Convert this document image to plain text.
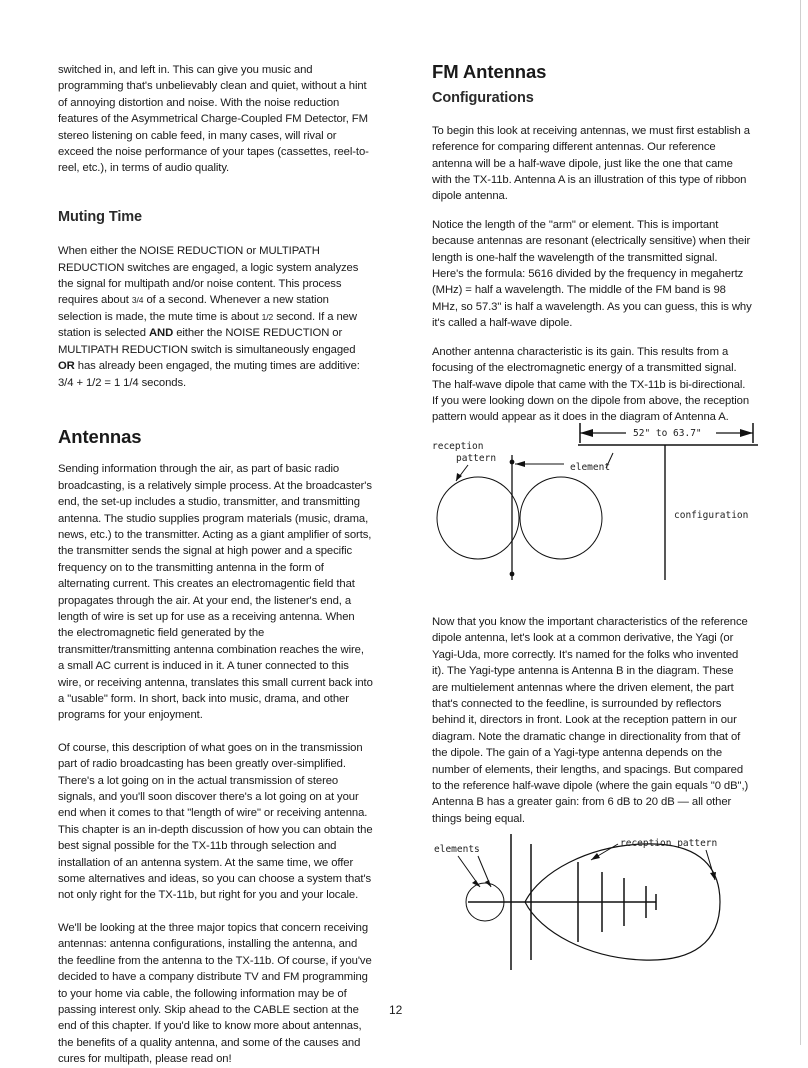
switched in, and left in. This can give you music and programming that's unbelievably clean and quiet, without a hint of annoying distortion and noise. With the noise reduction features of the Asymmetrical Charge-Coupled FM Detector, FM stereo listening on cable feed, in many cases, will rival or exceed the noise performance of your tapes (cassettes, reel-to-reel, etc.), in terms of audio quality.

Muting Time

When either the NOISE REDUCTION or MULTIPATH REDUCTION switches are engaged, a logic system analyzes the signal for multipath and/or noise content. This process requires about 3/4 of a second. Whenever a new station selection is made, the mute time is about 1/2 second. If a new station is selected AND either the NOISE REDUCTION or MULTIPATH REDUCTION switch is simultaneously engaged OR has already been engaged, the muting times are additive: 3/4 + 1/2 = 1 1/4 seconds.

Antennas

Sending information through the air, as part of basic radio broadcasting, is a relatively simple process. At the broadcaster's end, the set-up includes a studio, transmitter, and transmitting antenna. The studio supplies program materials (music, drama, news, etc.) to the transmitter. Acting as a giant amplifier of sorts, the transmitter sends the signal at high power and a specific frequency on to the transmitting antenna in the form of alternating current. This creates an electromagentic field that propagates through the air. At your end, the listener's end, a length of wire is set up for use as a receiving antenna. When the electromagnetic field generated by the transmitter/transmitting antenna combination reaches the wire, a small AC current is induced in it. A tuner connected to this wire, or receiving antenna, translates this small current back into a "usable" form. In short, back into music, drama, and other programs for your enjoyment.

Of course, this description of what goes on in the transmission part of radio broadcasting has been greatly over-simplified. There's a lot going on in the actual transmission of stereo signals, and you'll soon discover there's a lot going on at your end when it comes to that "length of wire" or receiving antenna. This chapter is an in-depth discussion of how you can obtain the best signal possible for the TX-11b through selection and installation of an antenna system. At the same time, we offer some alternatives and ideas, so you can choose a system that's not only right for the TX-11b, but right for you and your locale.

We'll be looking at the three major topics that concern receiving antennas: antenna configurations, installing the antenna, and the feedline from the antenna to the TX-11b. Of course, if you've decided to have a company distribute TV and FM programming to your home via cable, the following information may be of passing interest only. Skip ahead to the CABLE section at the end of this chapter. If you'd like to know more about antennas, the benefits of a quality antenna, and some of the causes and cures for multipath, please read on!

FM Antennas
Configurations

To begin this look at receiving antennas, we must first establish a reference for comparing different antennas. Our reference antenna will be a half-wave dipole, just like the one that came with the TX-11b. Antenna A is an illustration of this type of ribbon dipole antenna.

Notice the length of the "arm" or element. This is important because antennas are resonant (electrically sensitive) when their length is one-half the wavelength of the transmitted signal. Here's the formula: 5616 divided by the frequency in megahertz (MHz) = half a wavelength. The middle of the FM band is 98 MHz, so 57.3" is half a wavelength. As you can guess, this is why it's called a half-wave dipole.

Another antenna characteristic is its gain. This results from a focusing of the electromagnetic energy of a transmitted signal. The half-wave dipole that came with the TX-11b is bi-directional. If you were looking down on the dipole from above, the reception pattern would appear as it does in the diagram of Antenna A.

52" to 63.7"
element
reception
pattern
configuration

Now that you know the important characteristics of the reference dipole antenna, let's look at a common derivative, the Yagi (or Yagi-Uda, more correctly. It's named for the folks who invented it). The Yagi-type antenna is Antenna B in the diagram. These are multielement antennas where the driven element, the part that's connected to the feedline, is surrounded by reflectors behind it, directors in front. Look at the reception pattern in our diagram. Note the dramatic change in directionality from that of the dipole. The gain of a Yagi-type antenna depends on the number of elements, their lengths, and spacings. But compared to the reference half-wave dipole (where the gain equals "0 dB",) Antenna B has a greater gain: from 6 dB to 20 dB — all other things being equal.

elements
reception pattern
12
